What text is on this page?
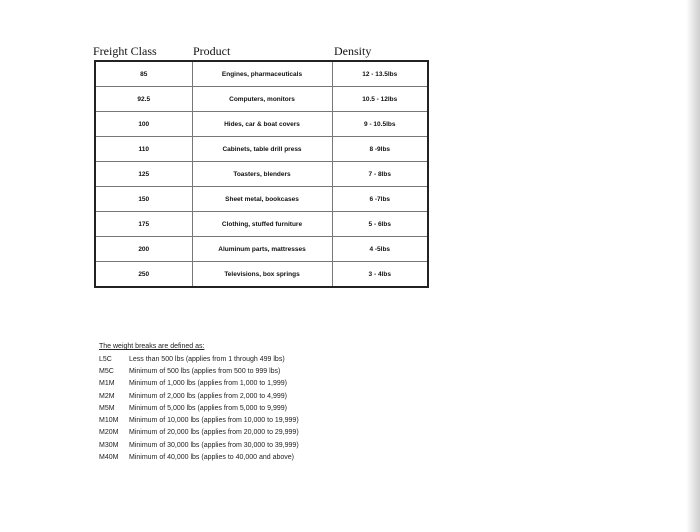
Freight Class	Product	Density
85	Engines, pharmaceuticals	12 - 13.5lbs
92.5	Computers, monitors	10.5 - 12lbs
100	Hides, car & boat covers	9 - 10.5lbs
110	Cabinets, table drill press	8 -9lbs
125	Toasters, blenders	7 - 8lbs
150	Sheet metal, bookcases	6 -7lbs
175	Clothing, stuffed furniture	5 - 6lbs
200	Aluminum parts, mattresses	4 -5lbs
250	Televisions, box springs	3 - 4lbs
The weight breaks are defined as:
L5C	Less than 500 lbs (applies from 1 through 499 lbs)
M5C	Minimum of 500 lbs (applies from 500 to 999 lbs)
M1M	Minimum of 1,000 lbs (applies from 1,000 to 1,999)
M2M	Minimum of 2,000 lbs (applies from 2,000 to 4,999)
M5M	Minimum of 5,000 lbs (applies from 5,000 to 9,999)
M10M	Minimum of 10,000 lbs (applies from 10,000 to 19,999)
M20M	Minimum of 20,000 lbs (applies from 20,000 to 29,999)
M30M	Minimum of 30,000 lbs (applies from 30,000 to 39,999)
M40M	Minimum of 40,000 lbs (applies to 40,000 and above)
